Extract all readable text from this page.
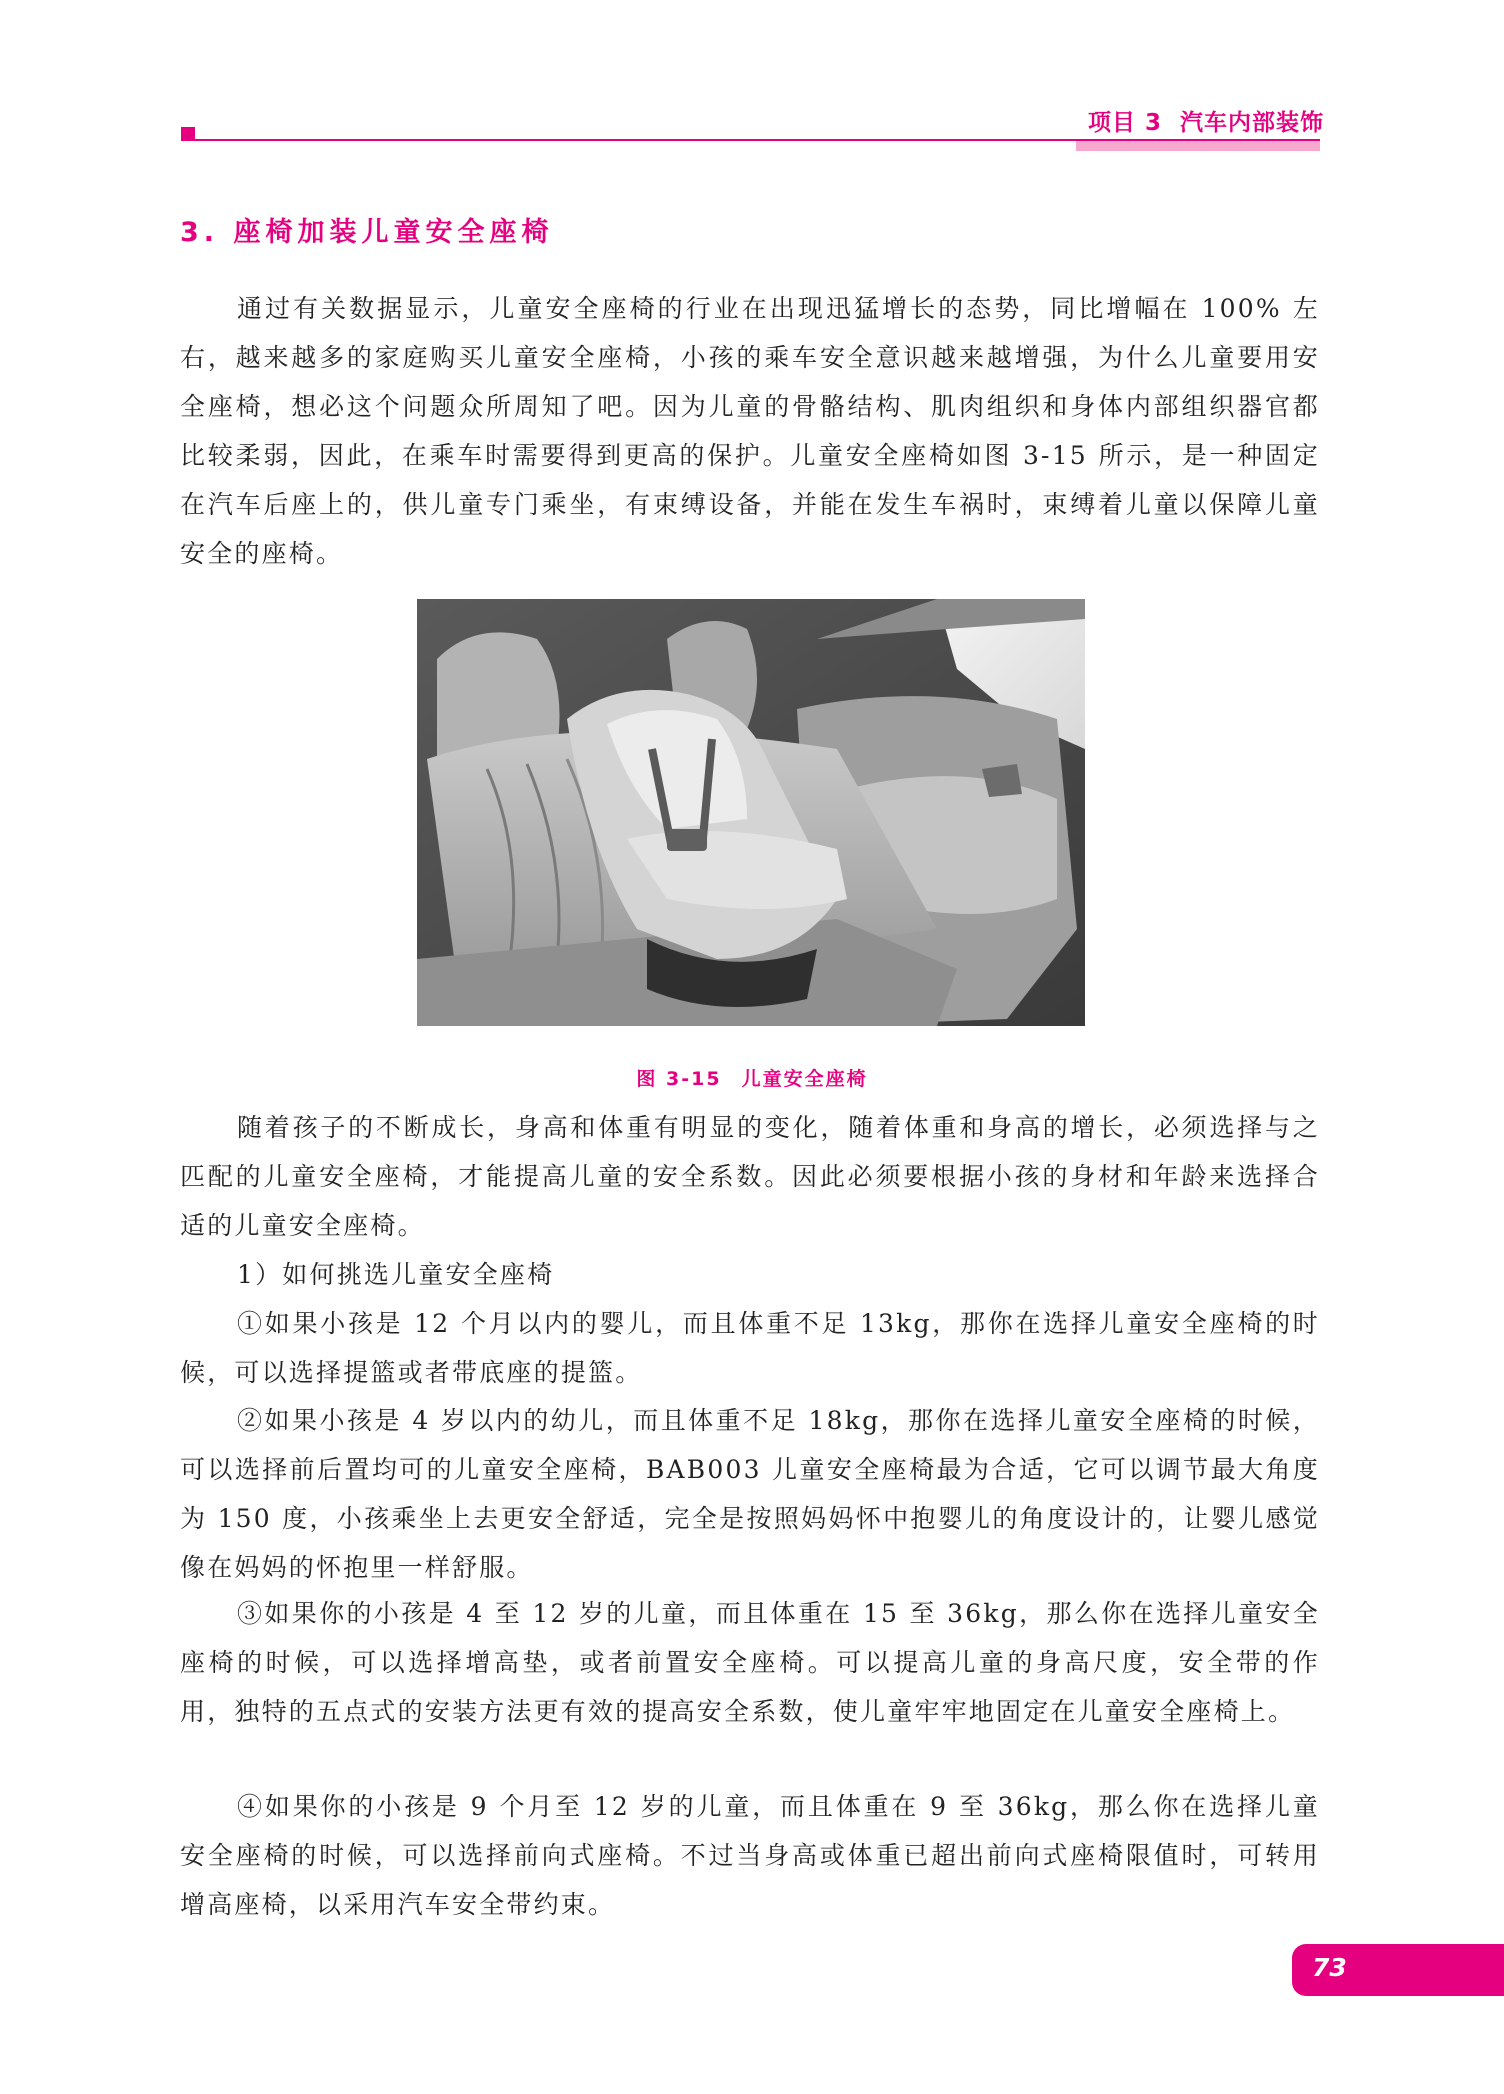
项目 3 汽车内部装饰
3. 座椅加装儿童安全座椅

通过有关数据显示，儿童安全座椅的行业在出现迅猛增长的态势，同比增幅在 100% 左右，越来越多的家庭购买儿童安全座椅，小孩的乘车安全意识越来越增强，为什么儿童要用安全座椅，想必这个问题众所周知了吧。因为儿童的骨骼结构、肌肉组织和身体内部组织器官都比较柔弱，因此，在乘车时需要得到更高的保护。儿童安全座椅如图 3-15 所示，是一种固定在汽车后座上的，供儿童专门乘坐，有束缚设备，并能在发生车祸时，束缚着儿童以保障儿童安全的座椅。

图 3-15 儿童安全座椅

随着孩子的不断成长，身高和体重有明显的变化，随着体重和身高的增长，必须选择与之匹配的儿童安全座椅，才能提高儿童的安全系数。因此必须要根据小孩的身材和年龄来选择合适的儿童安全座椅。

1）如何挑选儿童安全座椅

①如果小孩是 12 个月以内的婴儿，而且体重不足 13kg，那你在选择儿童安全座椅的时候，可以选择提篮或者带底座的提篮。

②如果小孩是 4 岁以内的幼儿，而且体重不足 18kg，那你在选择儿童安全座椅的时候，可以选择前后置均可的儿童安全座椅，BAB003 儿童安全座椅最为合适，它可以调节最大角度为 150 度，小孩乘坐上去更安全舒适，完全是按照妈妈怀中抱婴儿的角度设计的，让婴儿感觉像在妈妈的怀抱里一样舒服。

③如果你的小孩是 4 至 12 岁的儿童，而且体重在 15 至 36kg，那么你在选择儿童安全座椅的时候，可以选择增高垫，或者前置安全座椅。可以提高儿童的身高尺度，安全带的作用，独特的五点式的安装方法更有效的提高安全系数，使儿童牢牢地固定在儿童安全座椅上。

④如果你的小孩是 9 个月至 12 岁的儿童，而且体重在 9 至 36kg，那么你在选择儿童安全座椅的时候，可以选择前向式座椅。不过当身高或体重已超出前向式座椅限值时，可转用增高座椅，以采用汽车安全带约束。

73
